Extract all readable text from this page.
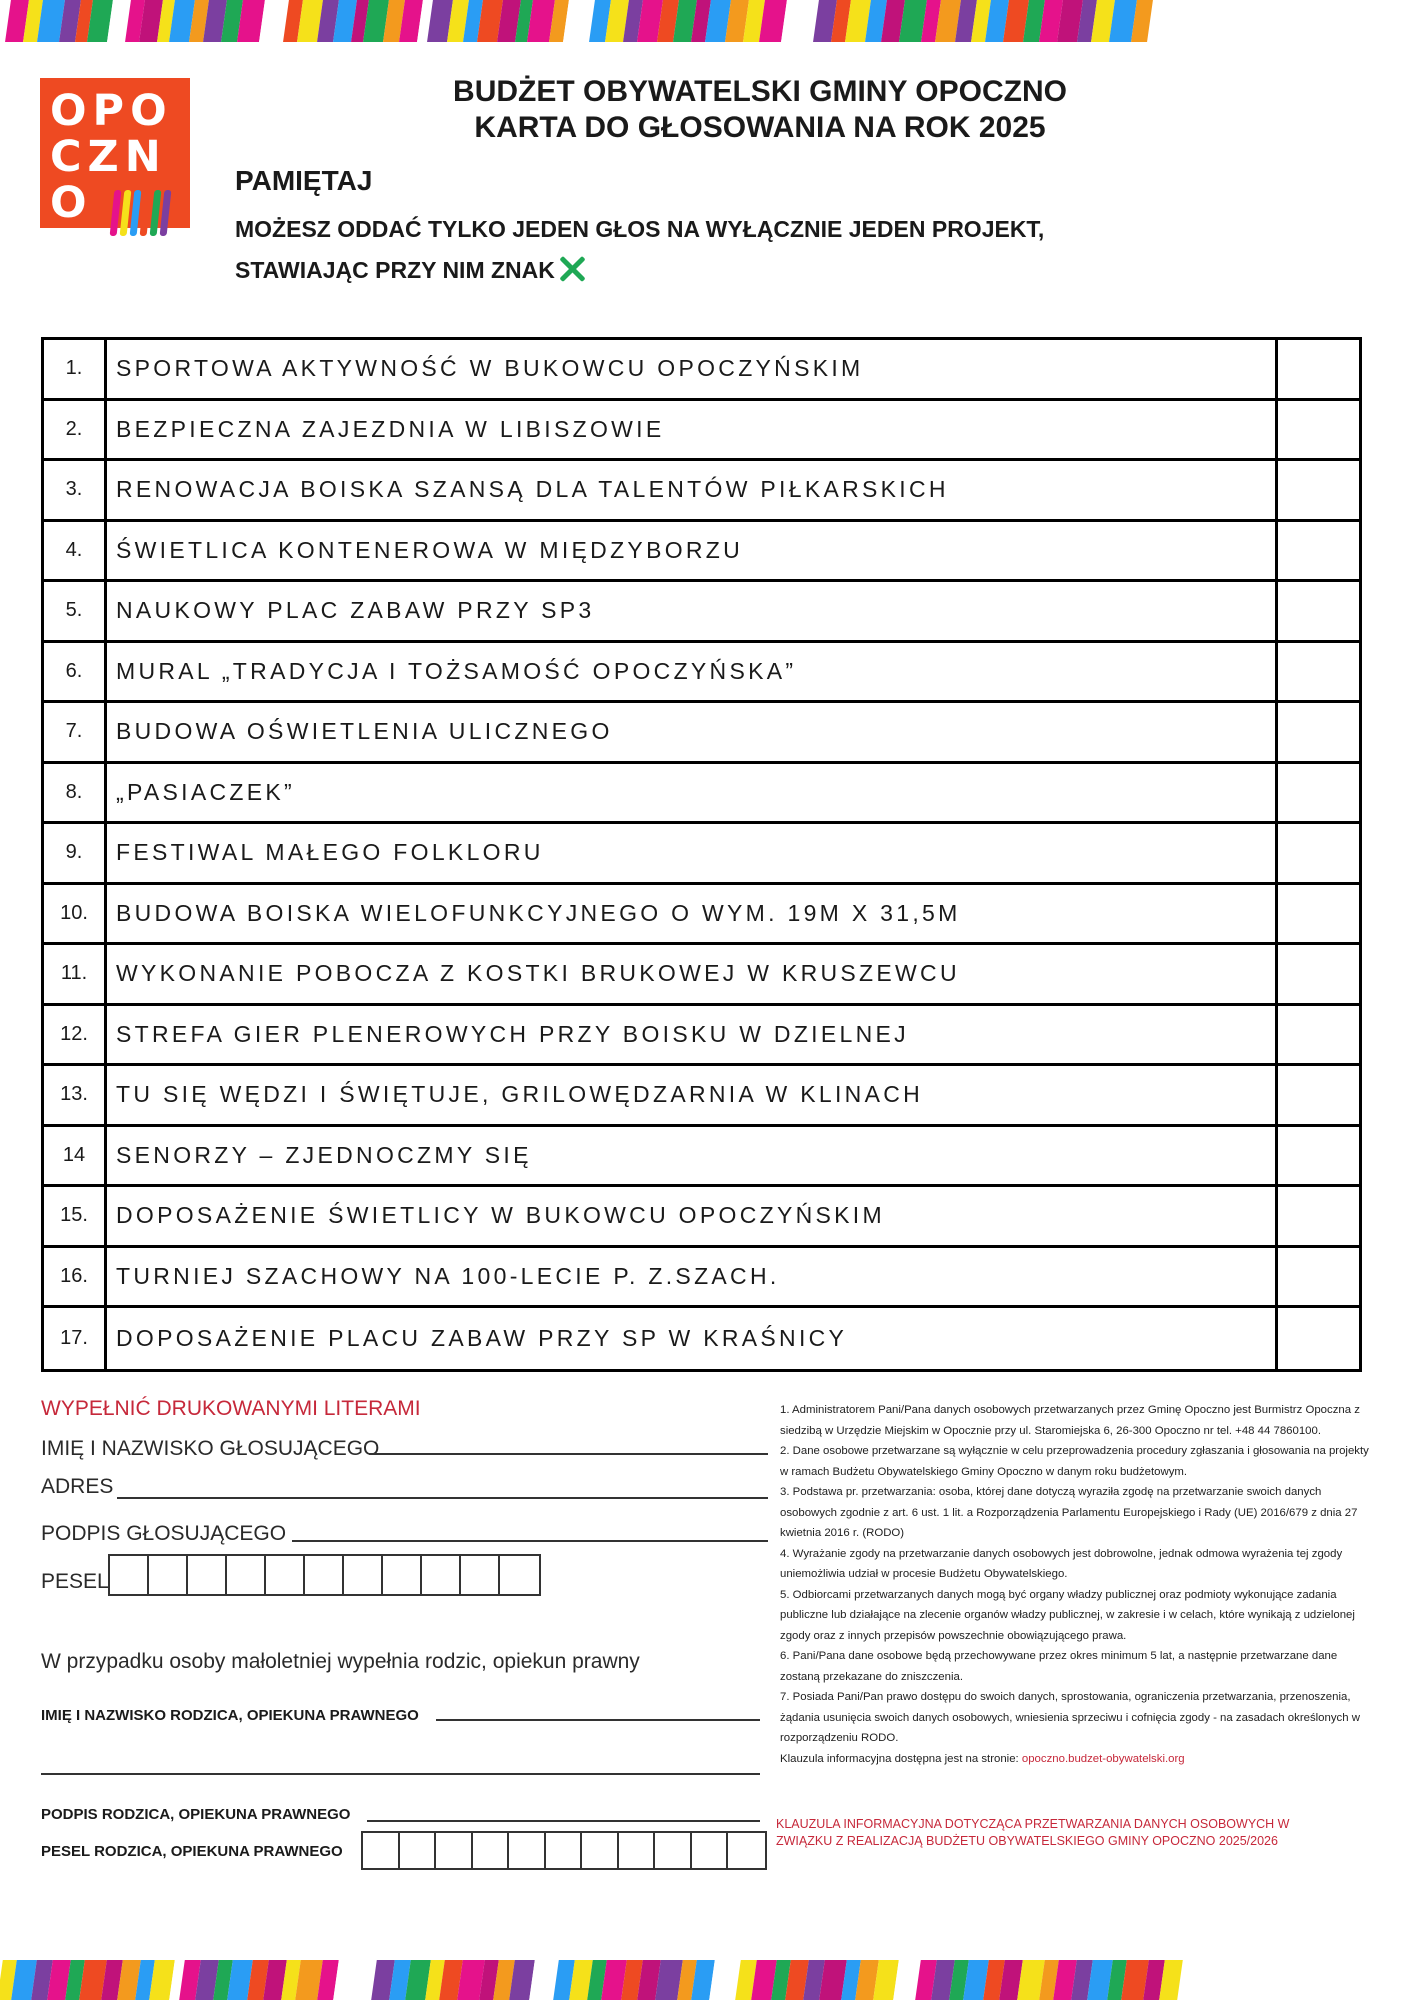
OPO
CZN
O
BUDŻET OBYWATELSKI GMINY OPOCZNO
KARTA DO GŁOSOWANIA NA ROK 2025
PAMIĘTAJ
MOŻESZ ODDAĆ TYLKO JEDEN GŁOS NA WYŁĄCZNIE JEDEN PROJEKT,
STAWIAJĄC PRZY NIM ZNAK
1.	SPORTOWA AKTYWNOŚĆ W BUKOWCU OPOCZYŃSKIM
2.	BEZPIECZNA ZAJEZDNIA W LIBISZOWIE
3.	RENOWACJA BOISKA SZANSĄ DLA TALENTÓW PIŁKARSKICH
4.	ŚWIETLICA KONTENEROWA W MIĘDZYBORZU
5.	NAUKOWY PLAC ZABAW PRZY SP3
6.	MURAL „TRADYCJA I TOŻSAMOŚĆ OPOCZYŃSKA”
7.	BUDOWA OŚWIETLENIA ULICZNEGO
8.	„PASIACZEK”
9.	FESTIWAL MAŁEGO FOLKLORU
10.	BUDOWA BOISKA WIELOFUNKCYJNEGO O WYM. 19M X 31,5M
11.	WYKONANIE POBOCZA Z KOSTKI BRUKOWEJ W KRUSZEWCU
12.	STREFA GIER PLENEROWYCH PRZY BOISKU W DZIELNEJ
13.	TU SIĘ WĘDZI I ŚWIĘTUJE, GRILOWĘDZARNIA W KLINACH
14	SENORZY – ZJEDNOCZMY SIĘ
15.	DOPOSAŻENIE ŚWIETLICY W BUKOWCU OPOCZYŃSKIM
16.	TURNIEJ SZACHOWY NA 100-LECIE P. Z.SZACH.
17.	DOPOSAŻENIE PLACU ZABAW PRZY SP W KRAŚNICY
WYPEŁNIĆ DRUKOWANYMI LITERAMI
IMIĘ I NAZWISKO GŁOSUJĄCEGO
ADRES
PODPIS GŁOSUJĄCEGO
PESEL
W przypadku osoby małoletniej wypełnia rodzic, opiekun prawny
IMIĘ I NAZWISKO RODZICA, OPIEKUNA PRAWNEGO
PODPIS RODZICA, OPIEKUNA PRAWNEGO
PESEL RODZICA, OPIEKUNA PRAWNEGO

1. Administratorem Pani/Pana danych osobowych przetwarzanych przez Gminę Opoczno jest Burmistrz Opoczna z siedzibą w Urzędzie Miejskim w Opocznie przy ul. Staromiejska 6, 26-300 Opoczno nr tel. +48 44 7860100.

2. Dane osobowe przetwarzane są wyłącznie w celu przeprowadzenia procedury zgłaszania i głosowania na projekty w ramach Budżetu Obywatelskiego Gminy Opoczno w danym roku budżetowym.

3. Podstawa pr. przetwarzania: osoba, której dane dotyczą wyraziła zgodę na przetwarzanie swoich danych osobowych zgodnie z art. 6 ust. 1 lit. a Rozporządzenia Parlamentu Europejskiego i Rady (UE) 2016/679 z dnia 27 kwietnia 2016 r. (RODO)

4. Wyrażanie zgody na przetwarzanie danych osobowych jest dobrowolne, jednak odmowa wyrażenia tej zgody uniemożliwia udział w procesie Budżetu Obywatelskiego.

5. Odbiorcami przetwarzanych danych mogą być organy władzy publicznej oraz podmioty wykonujące zadania publiczne lub działające na zlecenie organów władzy publicznej, w zakresie i w celach, które wynikają z udzielonej zgody oraz z innych przepisów powszechnie obowiązującego prawa.

6. Pani/Pana dane osobowe będą przechowywane przez okres minimum 5 lat, a następnie przetwarzane dane zostaną przekazane do zniszczenia.

7. Posiada Pani/Pan prawo dostępu do swoich danych, sprostowania, ograniczenia przetwarzania, przenoszenia, żądania usunięcia swoich danych osobowych, wniesienia sprzeciwu i cofnięcia zgody - na zasadach określonych w rozporządzeniu RODO.

Klauzula informacyjna dostępna jest na stronie: opoczno.budzet-obywatelski.org

KLAUZULA INFORMACYJNA DOTYCZĄCA PRZETWARZANIA DANYCH OSOBOWYCH W ZWIĄZKU Z REALIZACJĄ BUDŻETU OBYWATELSKIEGO GMINY OPOCZNO 2025/2026
